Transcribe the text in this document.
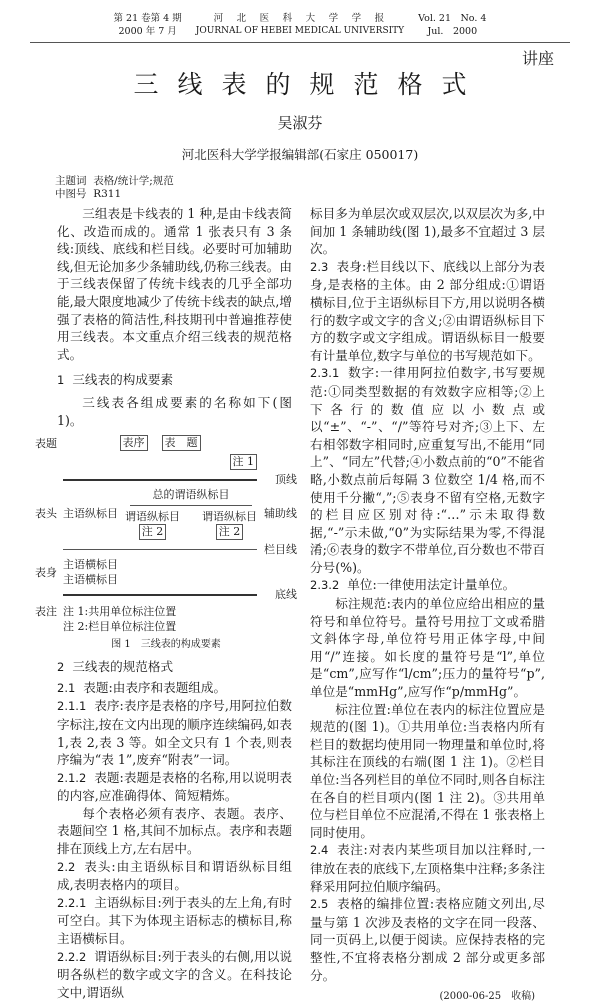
第 21 卷第 4 期
2000 年 7 月
河　北　医　科　大　学　学　报
JOURNAL OF HEBEI MEDICAL UNIVERSITY
Vol. 21　No. 4
Jul.　2000
讲座
三线表的规范格式
吴淑芬
河北医科大学学报编辑部(石家庄 050017)
主题词 表格/统计学;规范
中图号 R311

三组表是卡线表的 1 种,是由卡线表简化、改造而成的。通常 1 张表只有 3 条线:顶线、底线和栏目线。必要时可加辅助线,但无论加多少条辅助线,仍称三线表。由于三线表保留了传统卡线表的几乎全部功能,最大限度地减少了传统卡线表的缺点,增强了表格的简洁性,科技期刊中普遍推荐使用三线表。本文重点介绍三线表的规范格式。

1 三线表的构成要素

三线表各组成要素的名称如下(图 1)。

表题	表序 表　题
注 1
顶线
表头 主语纵标目
总的谓语纵标目
谓语纵标目
注 2
谓语纵标目
注 2
辅助线
栏目线
表身
主语横标目
主语横标目
底线
表注 注 1:共用单位标注位置
注 2:栏目单位标注位置
图 1　三线表的构成要素

2 三线表的规范格式

2.1 表题:由表序和表题组成。

2.1.1 表序:表序是表格的序号,用阿拉伯数字标注,按在文内出现的顺序连续编码,如表 1,表 2,表 3 等。如全文只有 1 个表,则表序编为“表 1”,废弃“附表”一词。

2.1.2 表题:表题是表格的名称,用以说明表的内容,应准确得体、简短精炼。

每个表格必须有表序、表题。表序、表题间空 1 格,其间不加标点。表序和表题排在顶线上方,左右居中。

2.2 表头:由主语纵标目和谓语纵标目组成,表明表格内的项目。

2.2.1 主语纵标目:列于表头的左上角,有时可空白。其下为体现主语标志的横标目,称主语横标目。

2.2.2 谓语纵标目:列于表头的右侧,用以说明各纵栏的数字或文字的含义。在科技论文中,谓语纵

标目多为单层次或双层次,以双层次为多,中间加 1 条辅助线(图 1),最多不宜超过 3 层次。

2.3 表身:栏目线以下、底线以上部分为表身,是表格的主体。由 2 部分组成:①谓语横标目,位于主语纵标目下方,用以说明各横行的数字或文字的含义;②由谓语纵标目下方的数字或文字组成。谓语纵标目一般要有计量单位,数字与单位的书写规范如下。

2.3.1 数字:一律用阿拉伯数字,书写要规范:①同类型数据的有效数字应相等;②上下各行的数值应以小数点或以“±”、“-”、“/”等符号对齐;③上下、左右相邻数字相同时,应重复写出,不能用“同上”、“同左”代替;④小数点前的“0”不能省略,小数点前后每隔 3 位数空 1/4 格,而不使用千分撇“,”;⑤表身不留有空格,无数字的栏目应区别对待:“…”示未取得数据,“-”示未做,“0”为实际结果为零,不得混淆;⑥表身的数字不带单位,百分数也不带百分号(%)。

2.3.2 单位:一律使用法定计量单位。

标注规范:表内的单位应给出相应的量符号和单位符号。量符号用拉丁文或希腊文斜体字母,单位符号用正体字母,中间用“/”连接。如长度的量符号是“l”,单位是“cm”,应写作“l/cm”;压力的量符号“p”,单位是“mmHg”,应写作“p/mmHg”。

标注位置:单位在表内的标注位置应是规范的(图 1)。①共用单位:当表格内所有栏目的数据均使用同一物理量和单位时,将其标注在顶线的右端(图 1 注 1)。②栏目单位:当各列栏目的单位不同时,则各自标注在各自的栏目项内(图 1 注 2)。③共用单位与栏目单位不应混淆,不得在 1 张表格上同时使用。

2.4 表注:对表内某些项目加以注释时,一律放在表的底线下,左顶格集中注释;多条注释采用阿拉伯顺序编码。

2.5 表格的编排位置:表格应随文列出,尽量与第 1 次涉及表格的文字在同一段落、同一页码上,以便于阅读。应保持表格的完整性,不宜将表格分割成 2 部分或更多部分。

(2000-06-25　收稿)
